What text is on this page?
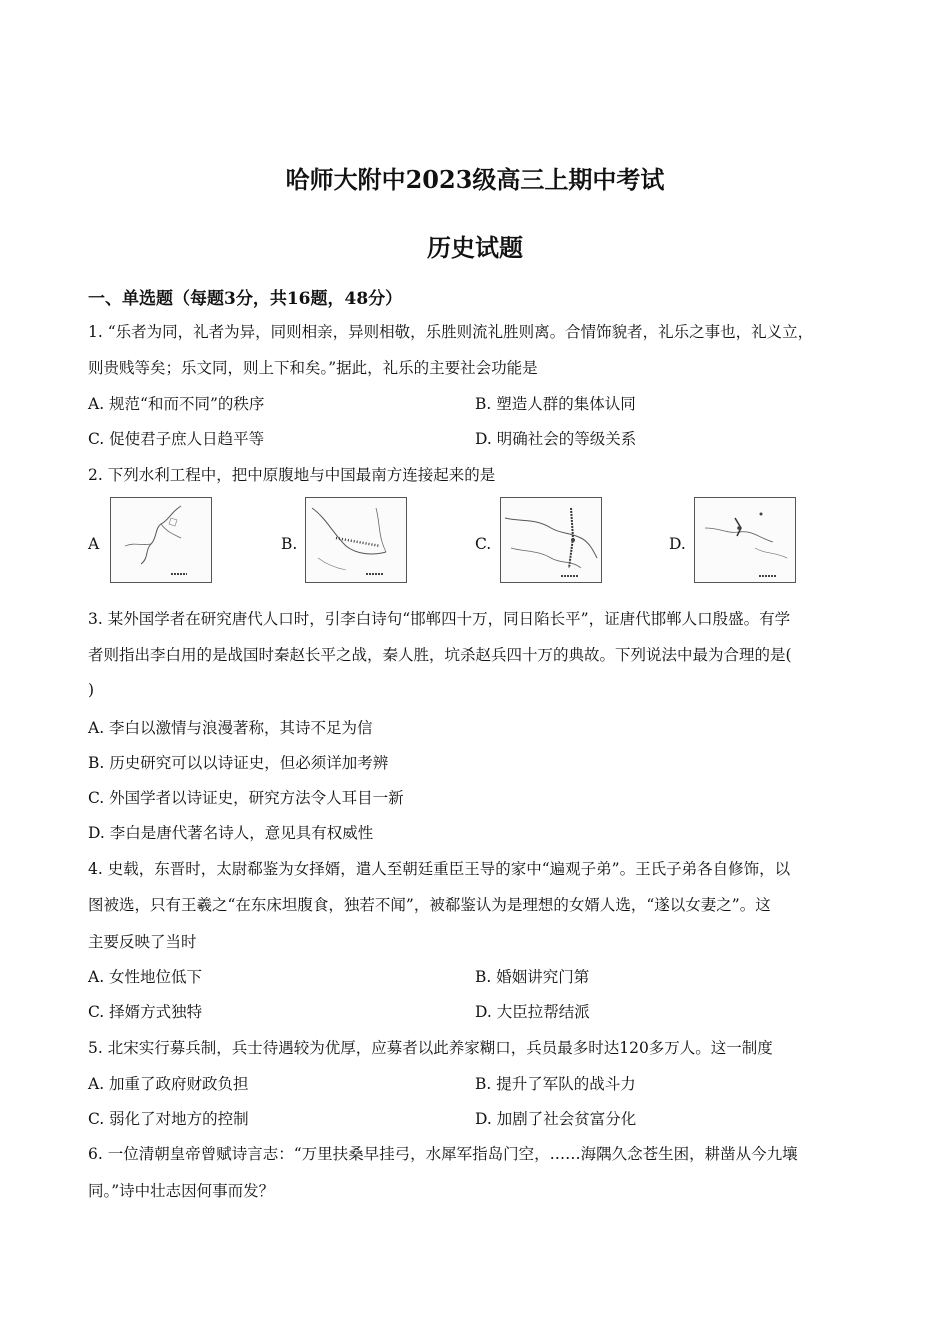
哈师大附中2023级高三上期中考试
历史试题
一、单选题（每题3分，共16题，48分）
1. “乐者为同，礼者为异，同则相亲，异则相敬，乐胜则流礼胜则离。合情饰貌者，礼乐之事也，礼义立，
则贵贱等矣；乐文同，则上下和矣。”据此，礼乐的主要社会功能是
A. 规范“和而不同”的秩序	B. 塑造人群的集体认同
C. 促使君子庶人日趋平等	D. 明确社会的等级关系
2. 下列水利工程中，把中原腹地与中国最南方连接起来的是
A	B.	C.	D.
3. 某外国学者在研究唐代人口时，引李白诗句“邯郸四十万，同日陷长平”，证唐代邯郸人口殷盛。有学
者则指出李白用的是战国时秦赵长平之战，秦人胜，坑杀赵兵四十万的典故。下列说法中最为合理的是(
)
A. 李白以激情与浪漫著称，其诗不足为信
B. 历史研究可以以诗证史，但必须详加考辨
C. 外国学者以诗证史，研究方法令人耳目一新
D. 李白是唐代著名诗人，意见具有权威性
4. 史载，东晋时，太尉郗鉴为女择婿，遣人至朝廷重臣王导的家中“遍观子弟”。王氏子弟各自修饰，以
图被选，只有王羲之“在东床坦腹食，独若不闻”，被郗鉴认为是理想的女婿人选，“遂以女妻之”。这
主要反映了当时
A. 女性地位低下	B. 婚姻讲究门第
C. 择婿方式独特	D. 大臣拉帮结派
5. 北宋实行募兵制，兵士待遇较为优厚，应募者以此养家糊口，兵员最多时达120多万人。这一制度
A. 加重了政府财政负担	B. 提升了军队的战斗力
C. 弱化了对地方的控制	D. 加剧了社会贫富分化
6. 一位清朝皇帝曾赋诗言志：“万里扶桑早挂弓，水犀军指岛门空，……海隅久念苍生困，耕凿从今九壤
同。”诗中壮志因何事而发？
